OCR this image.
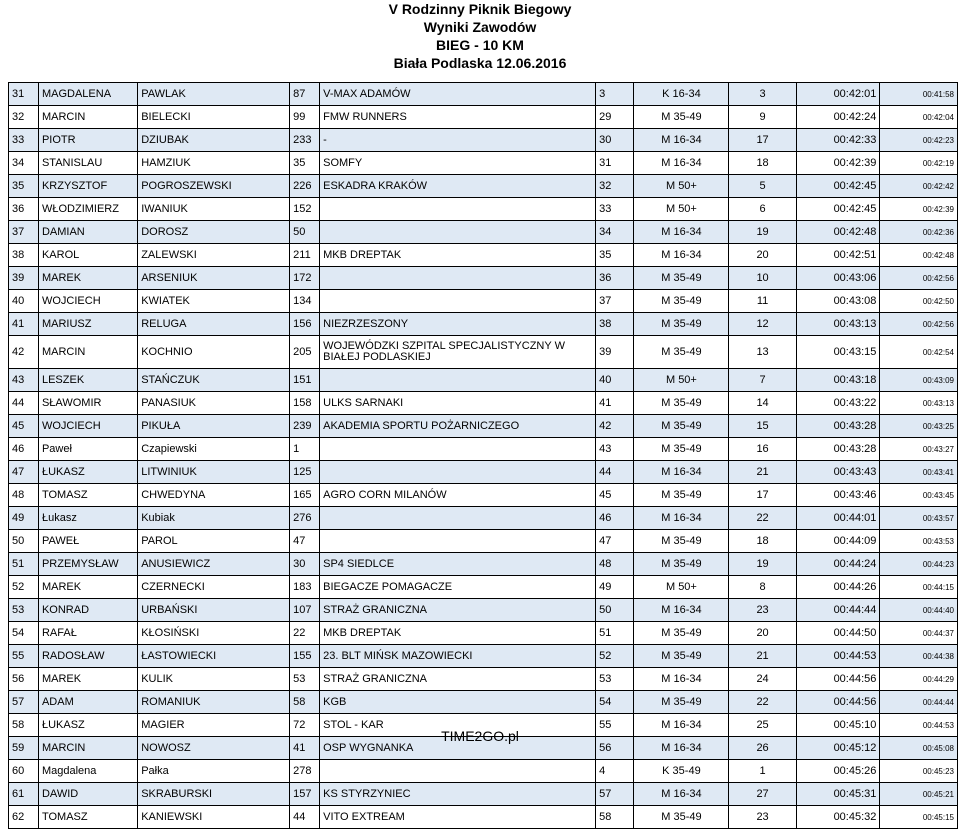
V Rodzinny Piknik Biegowy
Wyniki Zawodów
BIEG - 10 KM
Biała Podlaska 12.06.2016
31	MAGDALENA	PAWLAK	87	V-MAX ADAMÓW	3	K 16-34	3	00:42:01	00:41:58
32	MARCIN	BIELECKI	99	FMW RUNNERS	29	M 35-49	9	00:42:24	00:42:04
33	PIOTR	DZIUBAK	233	-	30	M 16-34	17	00:42:33	00:42:23
34	STANISLAU	HAMZIUK	35	SOMFY	31	M 16-34	18	00:42:39	00:42:19
35	KRZYSZTOF	POGROSZEWSKI	226	ESKADRA KRAKÓW	32	M 50+	5	00:42:45	00:42:42
36	WŁODZIMIERZ	IWANIUK	152		33	M 50+	6	00:42:45	00:42:39
37	DAMIAN	DOROSZ	50		34	M 16-34	19	00:42:48	00:42:36
38	KAROL	ZALEWSKI	211	MKB DREPTAK	35	M 16-34	20	00:42:51	00:42:48
39	MAREK	ARSENIUK	172		36	M 35-49	10	00:43:06	00:42:56
40	WOJCIECH	KWIATEK	134		37	M 35-49	11	00:43:08	00:42:50
41	MARIUSZ	RELUGA	156	NIEZRZESZONY	38	M 35-49	12	00:43:13	00:42:56
42	MARCIN	KOCHNIO	205	WOJEWÓDZKI SZPITAL SPECJALISTYCZNY W BIAŁEJ PODLASKIEJ	39	M 35-49	13	00:43:15	00:42:54
43	LESZEK	STAŃCZUK	151		40	M 50+	7	00:43:18	00:43:09
44	SŁAWOMIR	PANASIUK	158	ULKS SARNAKI	41	M 35-49	14	00:43:22	00:43:13
45	WOJCIECH	PIKUŁA	239	AKADEMIA SPORTU POŻARNICZEGO	42	M 35-49	15	00:43:28	00:43:25
46	Paweł	Czapiewski	1		43	M 35-49	16	00:43:28	00:43:27
47	ŁUKASZ	LITWINIUK	125		44	M 16-34	21	00:43:43	00:43:41
48	TOMASZ	CHWEDYNA	165	AGRO CORN MILANÓW	45	M 35-49	17	00:43:46	00:43:45
49	Łukasz	Kubiak	276		46	M 16-34	22	00:44:01	00:43:57
50	PAWEŁ	PAROL	47		47	M 35-49	18	00:44:09	00:43:53
51	PRZEMYSŁAW	ANUSIEWICZ	30	SP4 SIEDLCE	48	M 35-49	19	00:44:24	00:44:23
52	MAREK	CZERNECKI	183	BIEGACZE POMAGACZE	49	M 50+	8	00:44:26	00:44:15
53	KONRAD	URBAŃSKI	107	STRAŻ GRANICZNA	50	M 16-34	23	00:44:44	00:44:40
54	RAFAŁ	KŁOSIŃSKI	22	MKB DREPTAK	51	M 35-49	20	00:44:50	00:44:37
55	RADOSŁAW	ŁASTOWIECKI	155	23. BLT MIŃSK MAZOWIECKI	52	M 35-49	21	00:44:53	00:44:38
56	MAREK	KULIK	53	STRAŻ GRANICZNA	53	M 16-34	24	00:44:56	00:44:29
57	ADAM	ROMANIUK	58	KGB	54	M 35-49	22	00:44:56	00:44:44
58	ŁUKASZ	MAGIER	72	STOL - KAR	55	M 16-34	25	00:45:10	00:44:53
59	MARCIN	NOWOSZ	41	OSP WYGNANKA	56	M 16-34	26	00:45:12	00:45:08
60	Magdalena	Pałka	278		4	K 35-49	1	00:45:26	00:45:23
61	DAWID	SKRABURSKI	157	KS STYRZYNIEC	57	M 16-34	27	00:45:31	00:45:21
62	TOMASZ	KANIEWSKI	44	VITO EXTREAM	58	M 35-49	23	00:45:32	00:45:15
TIME2GO.pl
